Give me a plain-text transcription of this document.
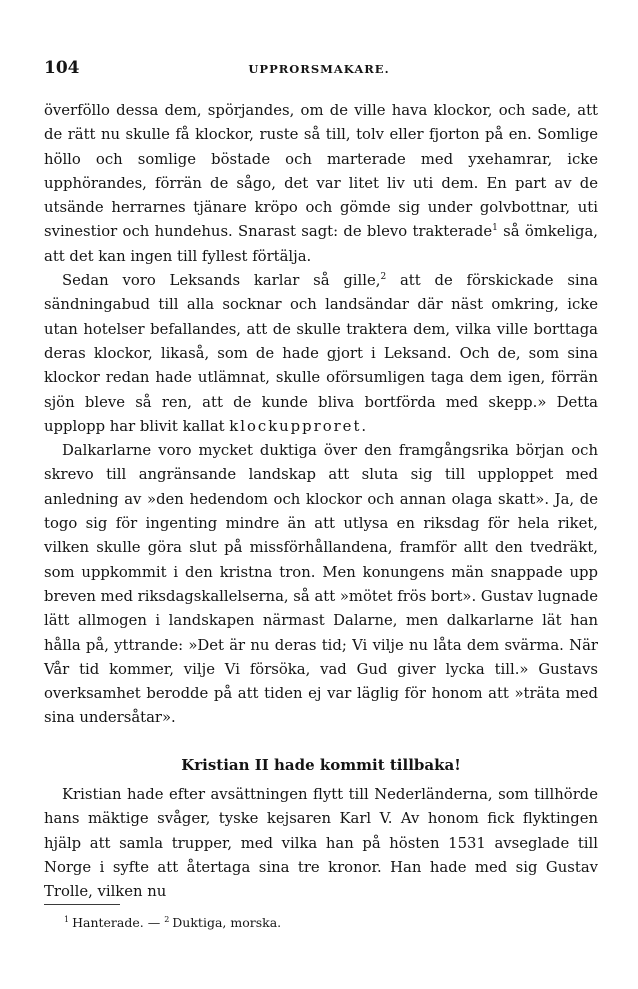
104	UPPRORSMAKARE.

överföllo dessa dem, spörjandes, om de ville hava klockor, och sade, att de rätt nu skulle få klockor, ruste så till, tolv eller fjorton på en. Somlige höllo och somlige böstade och marterade med yxehamrar, icke upphörandes, förrän de sågo, det var litet liv uti dem. En part av de utsände herrarnes tjänare kröpo och gömde sig under golvbottnar, uti svinestior och hundehus. Snarast sagt: de blevo trakterade$^1$ så ömkeliga, att det kan ingen till fyllest förtälja.

Sedan voro Leksands karlar så gille,$^2$ att de förskickade sina sändningabud till alla socknar och landsändar där näst omkring, icke utan hotelser befallandes, att de skulle traktera dem, vilka ville borttaga deras klockor, likaså, som de hade gjort i Leksand. Och de, som sina klockor redan hade utlämnat, skulle oförsumligen taga dem igen, förrän sjön bleve så ren, att de kunde bliva bortförda med skepp.» Detta upplopp har blivit kallat klockupproret.

Dalkarlarne voro mycket duktiga över den framgångsrika början och skrevo till angränsande landskap att sluta sig till upploppet med anledning av »den hedendom och klockor och annan olaga skatt». Ja, de togo sig för ingenting mindre än att utlysa en riksdag för hela riket, vilken skulle göra slut på missförhållandena, framför allt den tvedräkt, som uppkommit i den kristna tron. Men konungens män snappade upp breven med riksdagskallelserna, så att »mötet frös bort». Gustav lugnade lätt allmogen i landskapen närmast Dalarne, men dalkarlarne lät han hålla på, yttrande: »Det är nu deras tid; Vi vilje nu låta dem svärma. När Vår tid kommer, vilje Vi försöka, vad Gud giver lycka till.» Gustavs overksamhet berodde på att tiden ej var läglig för honom att »träta med sina undersåtar».

Kristian II hade kommit tillbaka!

Kristian hade efter avsättningen flytt till Nederländerna, som tillhörde hans mäktige svåger, tyske kejsaren Karl V. Av honom fick flyktingen hjälp att samla trupper, med vilka han på hösten 1531 avseglade till Norge i syfte att återtaga sina tre kronor. Han hade med sig Gustav Trolle, vilken nu

$^1$ Hanterade. — $^2$ Duktiga, morska.
